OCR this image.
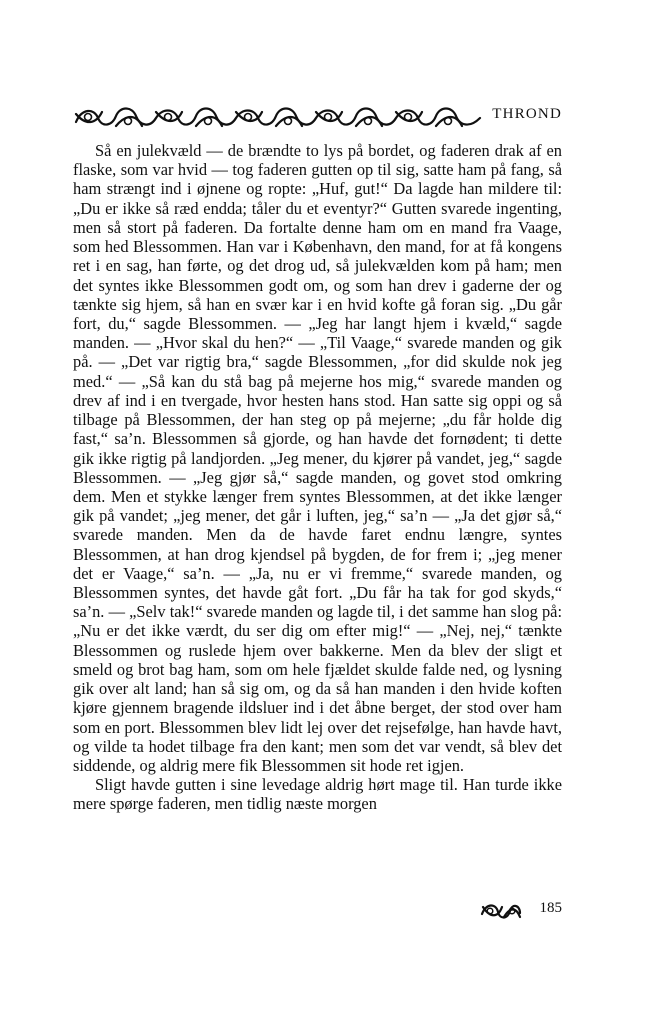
THROND

Så en julekvæld — de brændte to lys på bordet, og faderen drak af en flaske, som var hvid — tog faderen gutten op til sig, satte ham på fang, så ham strængt ind i øjnene og ropte: „Huf, gut!“ Da lagde han mildere til: „Du er ikke så ræd endda; tåler du et eventyr?“ Gutten svarede ingenting, men så stort på faderen. Da fortalte denne ham om en mand fra Vaage, som hed Blessommen. Han var i København, den mand, for at få kongens ret i en sag, han førte, og det drog ud, så julekvælden kom på ham; men det syntes ikke Blessommen godt om, og som han drev i gaderne der og tænkte sig hjem, så han en svær kar i en hvid kofte gå foran sig. „Du går fort, du,“ sagde Blessommen. — „Jeg har langt hjem i kvæld,“ sagde manden. — „Hvor skal du hen?“ — „Til Vaage,“ svarede manden og gik på. — „Det var rigtig bra,“ sagde Blessommen, „for did skulde nok jeg med.“ — „Så kan du stå bag på mejerne hos mig,“ svarede manden og drev af ind i en tvergade, hvor hesten hans stod. Han satte sig oppi og så tilbage på Blessommen, der han steg op på mejerne; „du får holde dig fast,“ sa’n. Blessommen så gjorde, og han havde det fornødent; ti dette gik ikke rigtig på landjorden. „Jeg mener, du kjører på vandet, jeg,“ sagde Blessommen. — „Jeg gjør så,“ sagde manden, og govet stod omkring dem. Men et stykke længer frem syntes Blessommen, at det ikke længer gik på vandet; „jeg mener, det går i luften, jeg,“ sa’n — „Ja det gjør så,“ svarede manden. Men da de havde faret endnu længre, syntes Blessommen, at han drog kjendsel på bygden, de for frem i; „jeg mener det er Vaage,“ sa’n. — „Ja, nu er vi fremme,“ svarede manden, og Blessommen syntes, det havde gåt fort. „Du får ha tak for god skyds,“ sa’n. — „Selv tak!“ svarede manden og lagde til, i det samme han slog på: „Nu er det ikke værdt, du ser dig om efter mig!“ — „Nej, nej,“ tænkte Blessommen og ruslede hjem over bakkerne. Men da blev der sligt et smeld og brot bag ham, som om hele fjældet skulde falde ned, og lysning gik over alt land; han så sig om, og da så han manden i den hvide koften kjøre gjennem bragende ildsluer ind i det åbne berget, der stod over ham som en port. Blessommen blev lidt lej over det rejsefølge, han havde havt, og vilde ta hodet tilbage fra den kant; men som det var vendt, så blev det siddende, og aldrig mere fik Blessommen sit hode ret igjen.

Sligt havde gutten i sine levedage aldrig hørt mage til. Han turde ikke mere spørge faderen, men tidlig næste morgen

185
